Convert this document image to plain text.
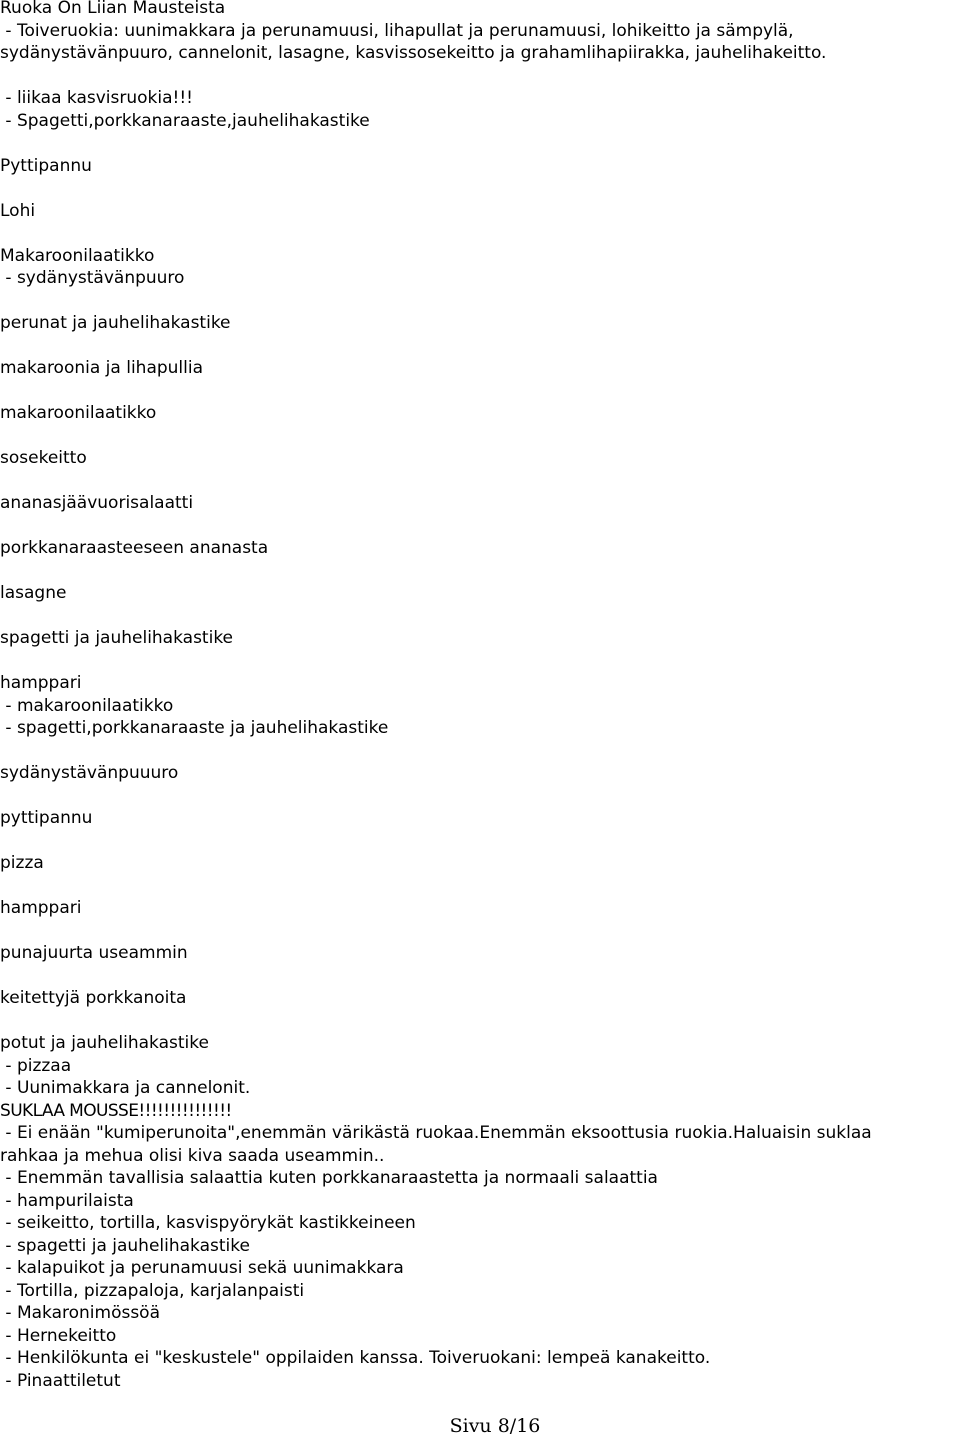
Ruoka On Liian Mausteista
- Toiveruokia: uunimakkara ja perunamuusi, lihapullat ja perunamuusi, lohikeitto ja sämpylä,
sydänystävänpuuro, cannelonit, lasagne, kasvissosekeitto ja grahamlihapiirakka, jauhelihakeitto.
- liikaa kasvisruokia!!!
- Spagetti,porkkanaraaste,jauhelihakastike
Pyttipannu
Lohi
Makaroonilaatikko
- sydänystävänpuuro
perunat ja jauhelihakastike
makaroonia ja lihapullia
makaroonilaatikko
sosekeitto
ananasjäävuorisalaatti
porkkanaraasteeseen ananasta
lasagne
spagetti ja jauhelihakastike
hamppari
- makaroonilaatikko
- spagetti,porkkanaraaste ja jauhelihakastike
sydänystävänpuuuro
pyttipannu
pizza
hamppari
punajuurta useammin
keitettyjä porkkanoita
potut ja jauhelihakastike
- pizzaa
- Uunimakkara ja cannelonit.
SUKLAA MOUSSE!!!!!!!!!!!!!!!
- Ei enään "kumiperunoita",enemmän värikästä ruokaa.Enemmän eksoottusia ruokia.Haluaisin suklaa
rahkaa ja mehua olisi kiva saada useammin..
- Enemmän tavallisia salaattia kuten porkkanaraastetta ja normaali salaattia
- hampurilaista
- seikeitto, tortilla, kasvispyörykät kastikkeineen
- spagetti ja jauhelihakastike
- kalapuikot ja perunamuusi sekä uunimakkara
- Tortilla, pizzapaloja, karjalanpaisti
- Makaronimössöä
- Hernekeitto
- Henkilökunta ei "keskustele" oppilaiden kanssa. Toiveruokani: lempeä kanakeitto.
- Pinaattiletut
Sivu 8/16
